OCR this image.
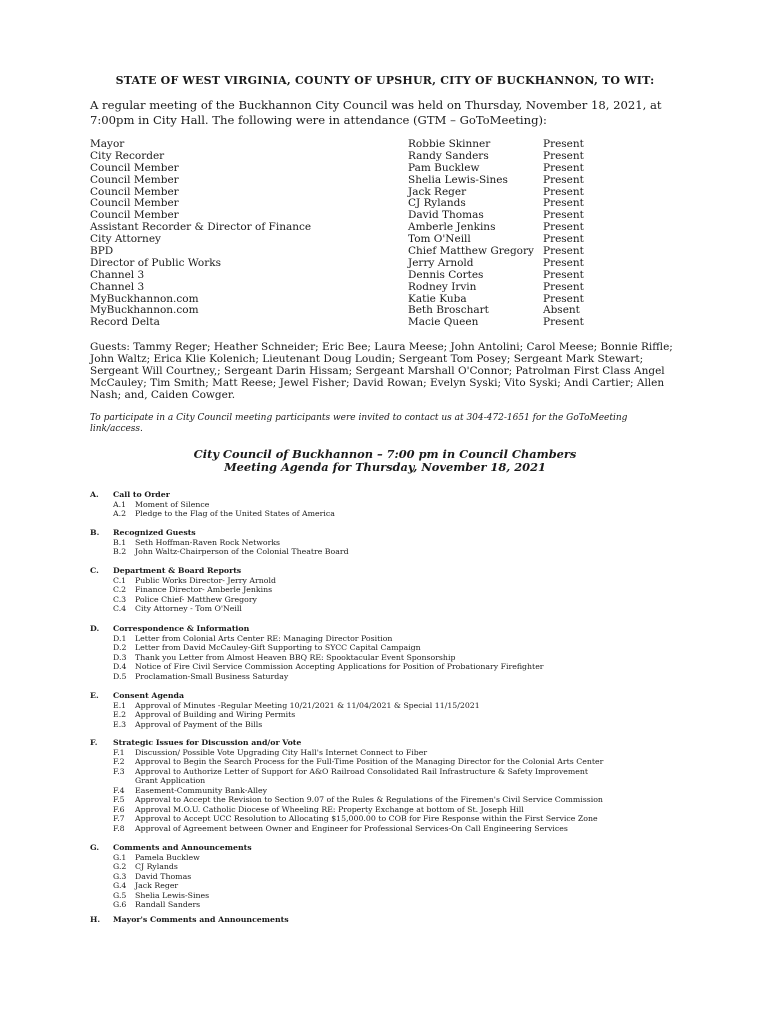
STATE OF WEST VIRGINIA, COUNTY OF UPSHUR, CITY OF BUCKHANNON, TO WIT:
A regular meeting of the Buckhannon City Council was held on Thursday, November 18, 2021, at 7:00pm in City Hall. The following were in attendance (GTM – GoToMeeting):
Mayor	Robbie Skinner	Present
City Recorder	Randy Sanders	Present
Council Member	Pam Bucklew	Present
Council Member	Shelia Lewis-Sines	Present
Council Member	Jack Reger	Present
Council Member	CJ Rylands	Present
Council Member	David Thomas	Present
Assistant Recorder & Director of Finance	Amberle Jenkins	Present
City Attorney	Tom O'Neill	Present
BPD	Chief Matthew Gregory Present
Director of Public Works	Jerry Arnold	Present
Channel 3	Dennis Cortes	Present
Channel 3	Rodney Irvin	Present
MyBuckhannon.com	Katie Kuba	Present
MyBuckhannon.com	Beth Broschart	Absent
Record Delta	Macie Queen	Present
Guests: Tammy Reger; Heather Schneider; Eric Bee; Laura Meese; John Antolini; Carol Meese; Bonnie Riffle; John Waltz; Erica Klie Kolenich; Lieutenant Doug Loudin; Sergeant Tom Posey; Sergeant Mark Stewart; Sergeant Will Courtney,; Sergeant Darin Hissam; Sergeant Marshall O'Connor; Patrolman First Class Angel McCauley; Tim Smith; Matt Reese; Jewel Fisher; David Rowan; Evelyn Syski; Vito Syski; Andi Cartier; Allen Nash; and, Caiden Cowger.
To participate in a City Council meeting participants were invited to contact us at 304-472-1651 for the GoToMeeting link/access.
City Council of Buckhannon – 7:00 pm in Council Chambers
Meeting Agenda for Thursday, November 18, 2021
A. Call to Order
A.1 Moment of Silence
A.2 Pledge to the Flag of the United States of America
B. Recognized Guests
B.1 Seth Hoffman-Raven Rock Networks
B.2 John Waltz-Chairperson of the Colonial Theatre Board
C. Department & Board Reports
C.1 Public Works Director- Jerry Arnold
C.2 Finance Director- Amberle Jenkins
C.3 Police Chief- Matthew Gregory
C.4 City Attorney - Tom O'Neill
D. Correspondence & Information
D.1 Letter from Colonial Arts Center RE: Managing Director Position
D.2 Letter from David McCauley-Gift Supporting to SYCC Capital Campaign
D.3 Thank you Letter from Almost Heaven BBQ RE: Spooktacular Event Sponsorship
D.4 Notice of Fire Civil Service Commission Accepting Applications for Position of Probationary Firefighter
D.5 Proclamation-Small Business Saturday
E. Consent Agenda
E.1 Approval of Minutes -Regular Meeting 10/21/2021 & 11/04/2021 & Special 11/15/2021
E.2 Approval of Building and Wiring Permits
E.3 Approval of Payment of the Bills
F. Strategic Issues for Discussion and/or Vote
F.1 Discussion/ Possible Vote Upgrading City Hall's Internet Connect to Fiber
F.2 Approval to Begin the Search Process for the Full-Time Position of the Managing Director for the Colonial Arts Center
F.3 Approval to Authorize Letter of Support for A&O Railroad Consolidated Rail Infrastructure & Safety Improvement
Grant Application
F.4 Easement-Community Bank-Alley
F.5 Approval to Accept the Revision to Section 9.07 of the Rules & Regulations of the Firemen's Civil Service Commission
F.6 Approval M.O.U. Catholic Diocese of Wheeling RE: Property Exchange at bottom of St. Joseph Hill
F.7 Approval to Accept UCC Resolution to Allocating $15,000.00 to COB for Fire Response within the First Service Zone
F.8 Approval of Agreement between Owner and Engineer for Professional Services-On Call Engineering Services
G. Comments and Announcements
G.1 Pamela Bucklew
G.2 CJ Rylands
G.3 David Thomas
G.4 Jack Reger
G.5 Shelia Lewis-Sines
G.6 Randall Sanders
H. Mayor's Comments and Announcements
